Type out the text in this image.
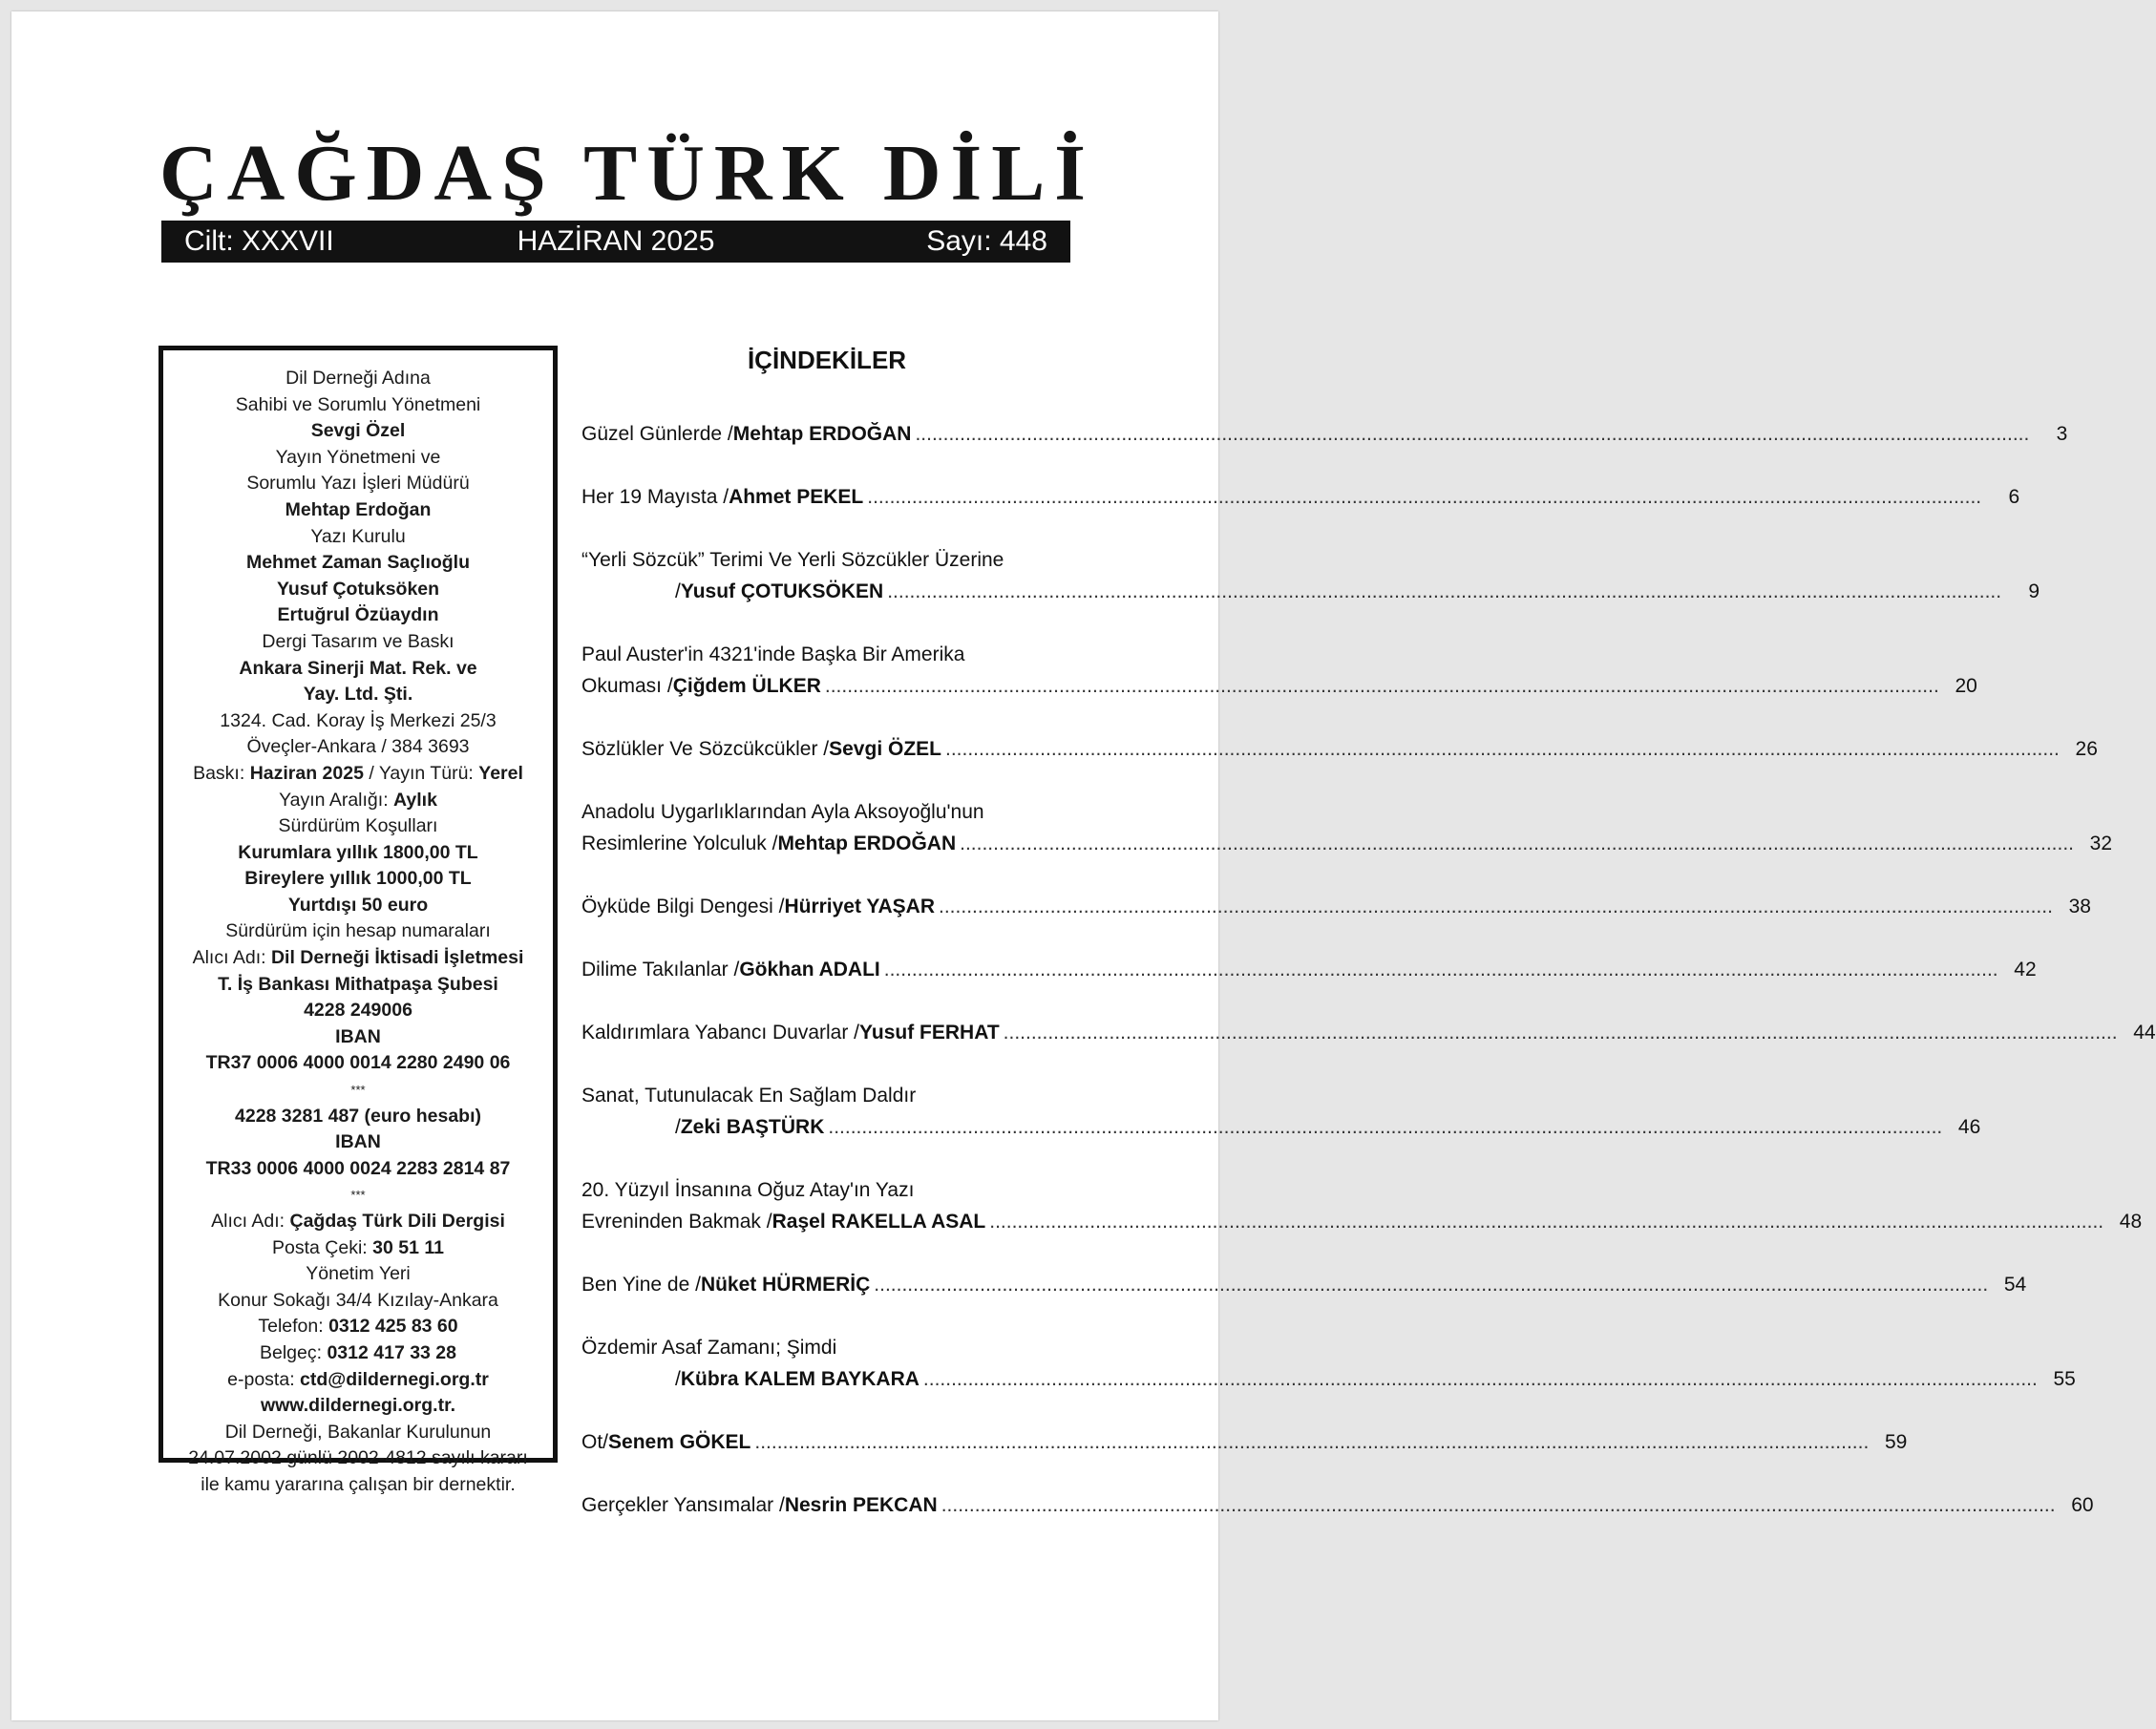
ÇAĞDAŞ TÜRK DİLİ
Cilt: XXXVII	HAZİRAN 2025	Sayı: 448
Dil Derneği Adına
Sahibi ve Sorumlu Yönetmeni
Sevgi Özel
Yayın Yönetmeni ve
Sorumlu Yazı İşleri Müdürü
Mehtap Erdoğan
Yazı Kurulu
Mehmet Zaman Saçlıoğlu
Yusuf Çotuksöken
Ertuğrul Özüaydın
Dergi Tasarım ve Baskı
Ankara Sinerji Mat. Rek. ve
Yay. Ltd. Şti.
1324. Cad. Koray İş Merkezi 25/3
Öveçler-Ankara / 384 3693
Baskı: Haziran 2025 / Yayın Türü: Yerel
Yayın Aralığı: Aylık
Sürdürüm Koşulları
Kurumlara yıllık 1800,00 TL
Bireylere yıllık 1000,00 TL
Yurtdışı 50 euro
Sürdürüm için hesap numaraları
Alıcı Adı: Dil Derneği İktisadi İşletmesi
T. İş Bankası Mithatpaşa Şubesi
4228 249006
IBAN
TR37 0006 4000 0014 2280 2490 06
***
4228 3281 487 (euro hesabı)
IBAN
TR33 0006 4000 0024 2283 2814 87
***
Alıcı Adı: Çağdaş Türk Dili Dergisi
Posta Çeki: 30 51 11
Yönetim Yeri
Konur Sokağı 34/4 Kızılay-Ankara
Telefon: 0312 425 83 60
Belgeç: 0312 417 33 28
e-posta: ctd@dildernegi.org.tr
www.dildernegi.org.tr.
Dil Derneği, Bakanlar Kurulunun
24.07.2002 günlü 2002-4812 sayılı kararı
ile kamu yararına çalışan bir dernektir.
İÇİNDEKİLER
Güzel Günlerde / Mehtap ERDOĞAN ........................................................................................................................................................................................................	3
Her 19 Mayısta / Ahmet PEKEL ........................................................................................................................................................................................................	6
“Yerli Sözcük” Terimi Ve Yerli Sözcükler Üzerine
/ Yusuf ÇOTUKSÖKEN ........................................................................................................................................................................................................	9
Paul Auster'in 4321'inde Başka Bir Amerika
Okuması / Çiğdem ÜLKER ........................................................................................................................................................................................................ 20
Sözlükler Ve Sözcükcükler / Sevgi ÖZEL ........................................................................................................................................................................................................ 26
Anadolu Uygarlıklarından Ayla Aksoyoğlu'nun
Resimlerine Yolculuk / Mehtap ERDOĞAN ........................................................................................................................................................................................................ 32
Öyküde Bilgi Dengesi / Hürriyet YAŞAR ........................................................................................................................................................................................................ 38
Dilime Takılanlar / Gökhan ADALI ........................................................................................................................................................................................................ 42
Kaldırımlara Yabancı Duvarlar / Yusuf FERHAT ........................................................................................................................................................................................................ 44
Sanat, Tutunulacak En Sağlam Daldır
/ Zeki BAŞTÜRK ........................................................................................................................................................................................................ 46
20. Yüzyıl İnsanına Oğuz Atay'ın Yazı
Evreninden Bakmak / Raşel RAKELLA ASAL ........................................................................................................................................................................................................ 48
Ben Yine de / Nüket HÜRMERİÇ ........................................................................................................................................................................................................ 54
Özdemir Asaf Zamanı; Şimdi
/ Kübra KALEM BAYKARA ........................................................................................................................................................................................................ 55
Ot / Senem GÖKEL ........................................................................................................................................................................................................ 59
Gerçekler Yansımalar / Nesrin PEKCAN ........................................................................................................................................................................................................ 60
